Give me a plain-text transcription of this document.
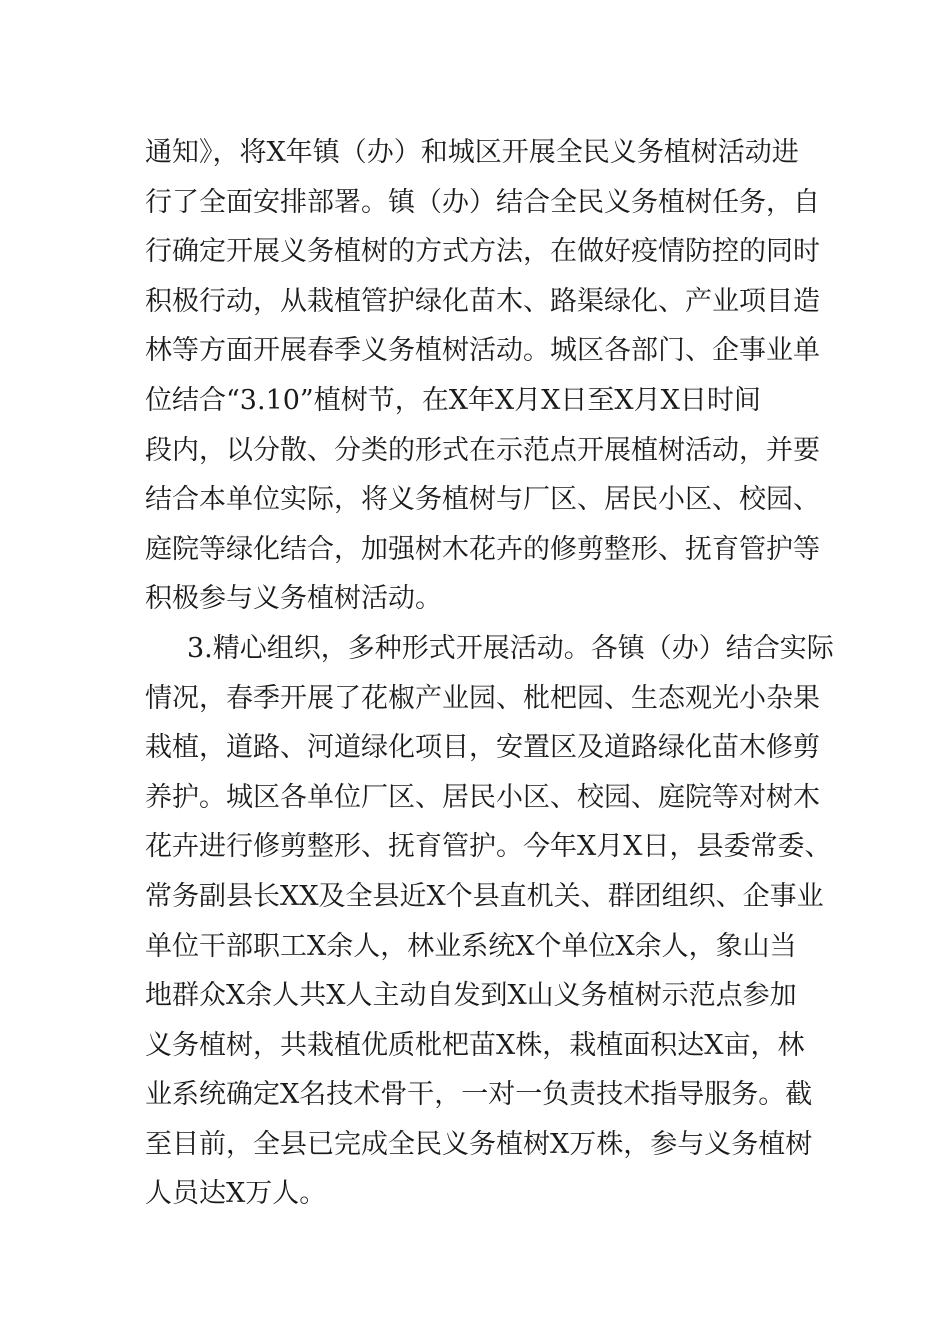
通知》，将X年镇（办）和城区开展全民义务植树活动进
行了全面安排部署。镇（办）结合全民义务植树任务，自
行确定开展义务植树的方式方法，在做好疫情防控的同时
积极行动，从栽植管护绿化苗木、路渠绿化、产业项目造
林等方面开展春季义务植树活动。城区各部门、企事业单
位结合“3.10”植树节，在X年X月X日至X月X日时间
段内，以分散、分类的形式在示范点开展植树活动，并要
结合本单位实际，将义务植树与厂区、居民小区、校园、
庭院等绿化结合，加强树木花卉的修剪整形、抚育管护等
积极参与义务植树活动。
3.精心组织，多种形式开展活动。各镇（办）结合实际
情况，春季开展了花椒产业园、枇杷园、生态观光小杂果
栽植，道路、河道绿化项目，安置区及道路绿化苗木修剪
养护。城区各单位厂区、居民小区、校园、庭院等对树木
花卉进行修剪整形、抚育管护。今年X月X日，县委常委、
常务副县长XX及全县近X个县直机关、群团组织、企事业
单位干部职工X余人，林业系统X个单位X余人，象山当
地群众X余人共X人主动自发到X山义务植树示范点参加
义务植树，共栽植优质枇杷苗X株，栽植面积达X亩，林
业系统确定X名技术骨干，一对一负责技术指导服务。截
至目前，全县已完成全民义务植树X万株，参与义务植树
人员达X万人。
